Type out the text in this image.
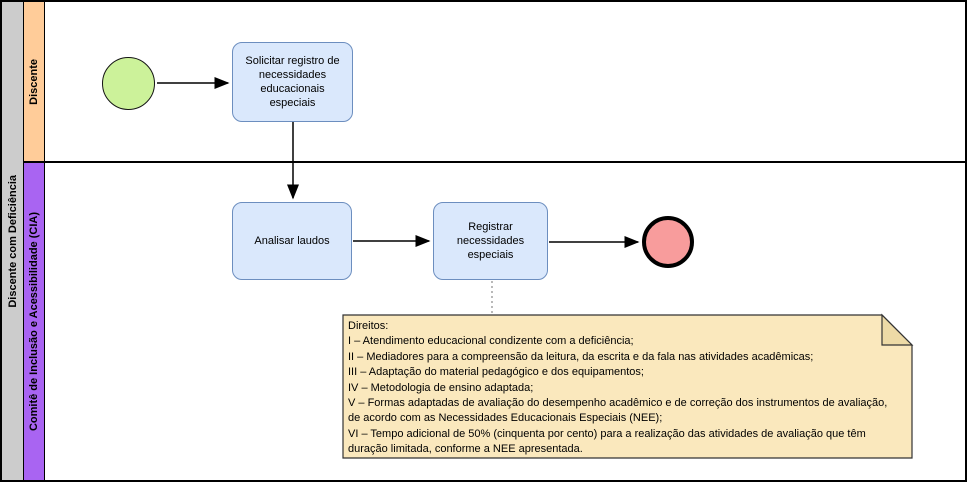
Discente com Deficiência
Discente
Comitê de Inclusão e Acessibilidade (CIA)
Solicitar registro de necessidades educacionais especiais
Analisar laudos
Registrar necessidades especiais
Direitos:
I – Atendimento educacional condizente com a deficiência;
II – Mediadores para a compreensão da leitura, da escrita e da fala nas atividades acadêmicas;
III – Adaptação do material pedagógico e dos equipamentos;
IV – Metodologia de ensino adaptada;
V – Formas adaptadas de avaliação do desempenho acadêmico e de correção dos instrumentos de avaliação, de acordo com as Necessidades Educacionais Especiais (NEE);
VI – Tempo adicional de 50% (cinquenta por cento) para a realização das atividades de avaliação que têm duração limitada, conforme a NEE apresentada.
